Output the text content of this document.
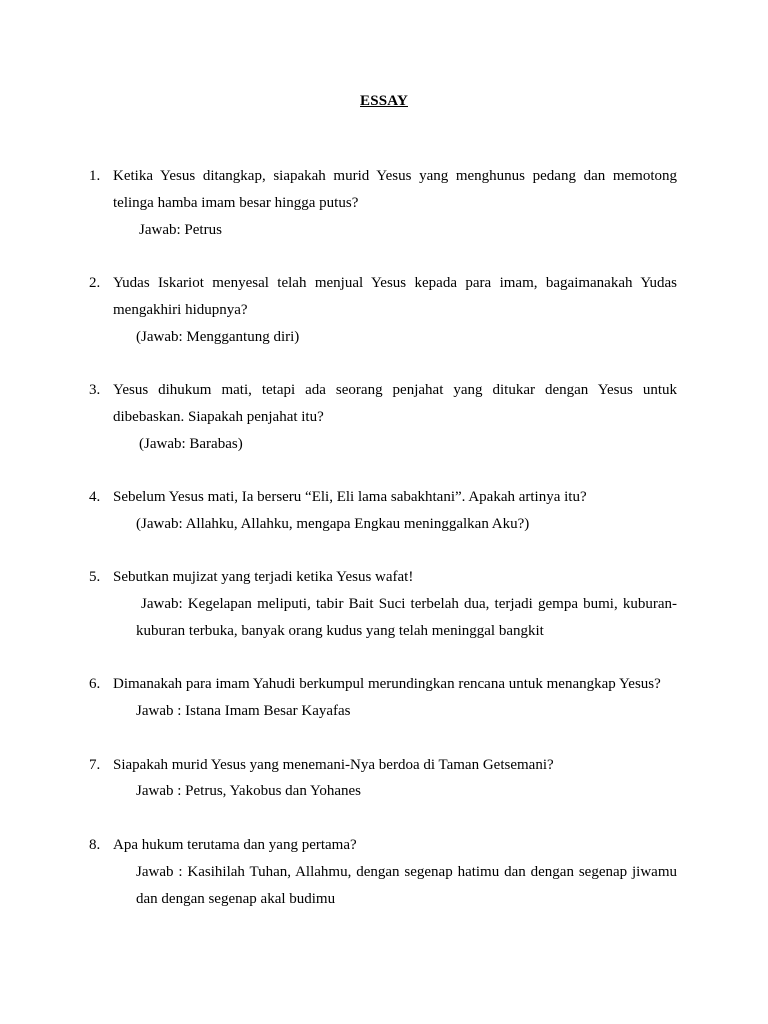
ESSAY
1. Ketika Yesus ditangkap, siapakah murid Yesus yang menghunus pedang dan memotong telinga hamba imam besar hingga putus?
Jawab: Petrus
2. Yudas Iskariot menyesal telah menjual Yesus kepada para imam, bagaimanakah Yudas mengakhiri hidupnya?
(Jawab: Menggantung diri)
3. Yesus dihukum mati, tetapi ada seorang penjahat yang ditukar dengan Yesus untuk dibebaskan. Siapakah penjahat itu?
(Jawab: Barabas)
4. Sebelum Yesus mati, Ia berseru “Eli, Eli lama sabakhtani”. Apakah artinya itu?
(Jawab: Allahku, Allahku, mengapa Engkau meninggalkan Aku?)
5. Sebutkan mujizat yang terjadi ketika Yesus wafat!
Jawab: Kegelapan meliputi, tabir Bait Suci terbelah dua, terjadi gempa bumi, kuburan-kuburan terbuka, banyak orang kudus yang telah meninggal bangkit
6. Dimanakah para imam Yahudi berkumpul merundingkan rencana untuk menangkap Yesus?
Jawab : Istana Imam Besar Kayafas
7. Siapakah murid Yesus yang menemani-Nya berdoa di Taman Getsemani?
Jawab : Petrus, Yakobus dan Yohanes
8. Apa hukum terutama dan yang pertama?
Jawab : Kasihilah Tuhan, Allahmu, dengan segenap hatimu dan dengan segenap jiwamu dan dengan segenap akal budimu
